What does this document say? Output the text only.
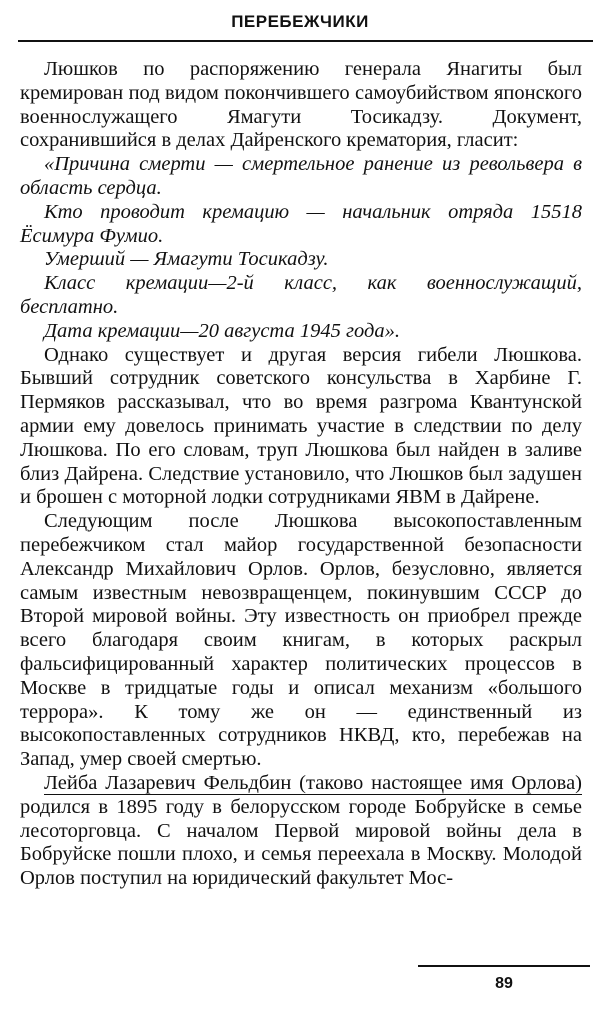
ПЕРЕБЕЖЧИКИ

Люшков по распоряжению генерала Янагиты был кремирован под видом покончившего самоубийством японского военнослужащего Ямагути Тосикадзу. Документ, сохранившийся в делах Дайренского крематория, гласит:

«Причина смерти — смертельное ранение из револьвера в область сердца.
Кто проводит кремацию — начальник отряда 15518 Ёсимура Фумио.
Умерший — Ямагути Тосикадзу.
Класс кремации—2-й класс, как военнослужащий, бесплатно.
Дата кремации—20 августа 1945 года».

Однако существует и другая версия гибели Люшкова. Бывший сотрудник советского консульства в Харбине Г. Пермяков рассказывал, что во время разгрома Квантунской армии ему довелось принимать участие в следствии по делу Люшкова. По его словам, труп Люшкова был найден в заливе близ Дайрена. Следствие установило, что Люшков был задушен и брошен с моторной лодки сотрудниками ЯВМ в Дайрене.

Следующим после Люшкова высокопоставленным перебежчиком стал майор государственной безопасности Александр Михайлович Орлов. Орлов, безусловно, является самым известным невозвращенцем, покинувшим СССР до Второй мировой войны. Эту известность он приобрел прежде всего благодаря своим книгам, в которых раскрыл фальсифицированный характер политических процессов в Москве в тридцатые годы и описал механизм «большого террора». К тому же он — единственный из высокопоставленных сотрудников НКВД, кто, перебежав на Запад, умер своей смертью.

Лейба Лазаревич Фельдбин (таково настоящее имя Орлова) родился в 1895 году в белорусском городе Бобруйске в семье лесоторговца. С началом Первой мировой войны дела в Бобруйске пошли плохо, и семья переехала в Москву. Молодой Орлов поступил на юридический факультет Мос-

89
